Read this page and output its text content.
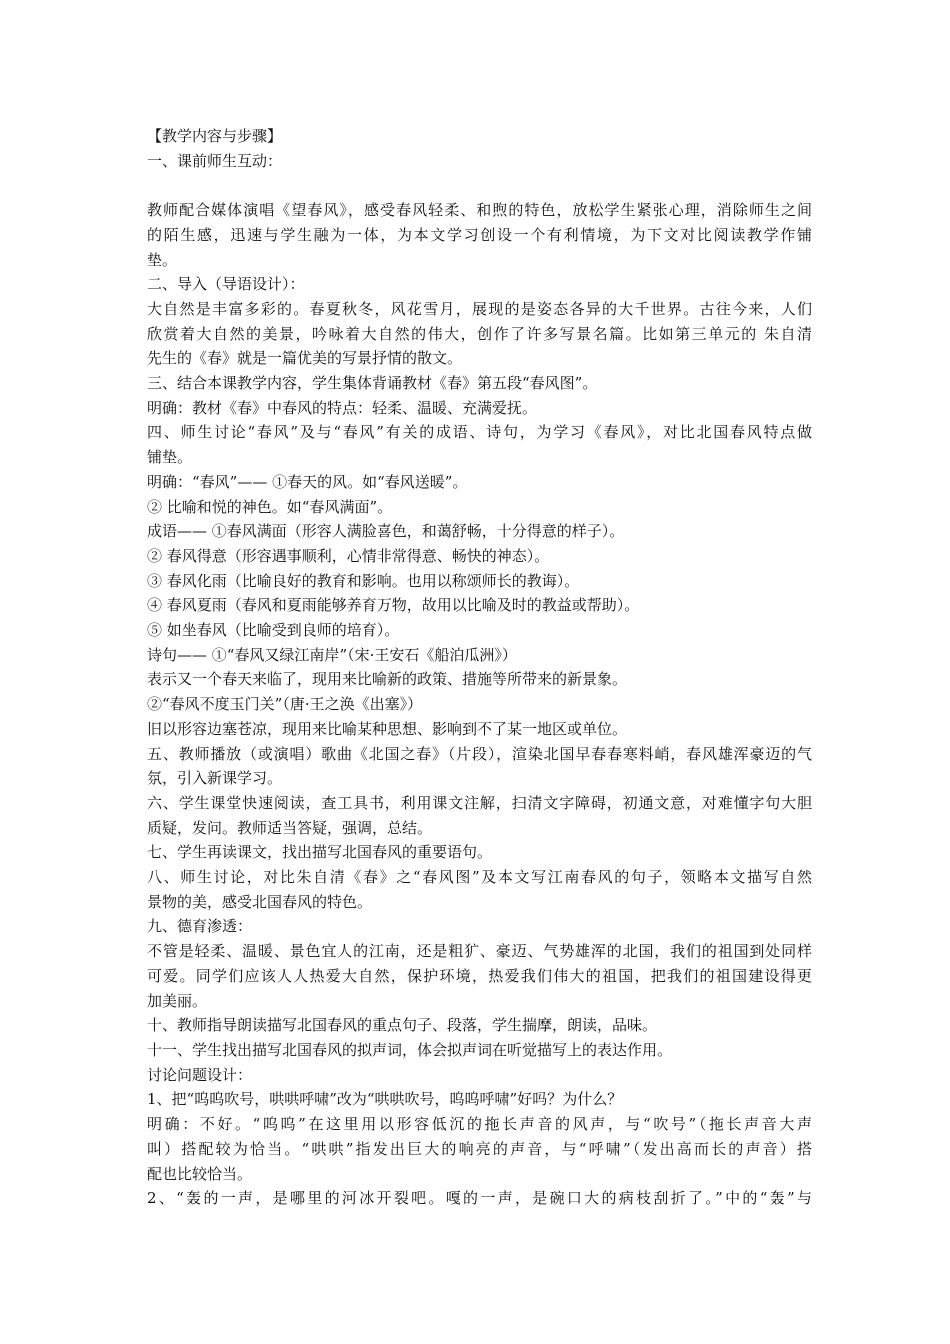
【教学内容与步骤】
一、课前师生互动：
教师配合媒体演唱《望春风》，感受春风轻柔、和煦的特色，放松学生紧张心理，消除师生之间
的陌生感，迅速与学生融为一体，为本文学习创设一个有利情境，为下文对比阅读教学作铺
垫。
二、导入（导语设计）：
大自然是丰富多彩的。春夏秋冬，风花雪月，展现的是姿态各异的大千世界。古往今来，人们
欣赏着大自然的美景，吟咏着大自然的伟大，创作了许多写景名篇。比如第三单元的 朱自清
先生的《春》就是一篇优美的写景抒情的散文。
三、结合本课教学内容，学生集体背诵教材《春》第五段“春风图”。
明确：教材《春》中春风的特点：轻柔、温暖、充满爱抚。
四、师生讨论“春风”及与“春风”有关的成语、诗句，为学习《春风》，对比北国春风特点做
铺垫。
明确：“春风”—— ①春天的风。如“春风送暖”。
② 比喻和悦的神色。如“春风满面”。
成语—— ①春风满面（形容人满脸喜色，和蔼舒畅，十分得意的样子）。
② 春风得意（形容遇事顺利，心情非常得意、畅快的神态）。
③ 春风化雨（比喻良好的教育和影响。也用以称颂师长的教诲）。
④ 春风夏雨（春风和夏雨能够养育万物，故用以比喻及时的教益或帮助）。
⑤ 如坐春风（比喻受到良师的培育）。
诗句—— ①“春风又绿江南岸”（宋·王安石《船泊瓜洲》）
表示又一个春天来临了，现用来比喻新的政策、措施等所带来的新景象。
②“春风不度玉门关”（唐·王之涣《出塞》）
旧以形容边塞苍凉，现用来比喻某种思想、影响到不了某一地区或单位。
五、教师播放（或演唱）歌曲《北国之春》（片段），渲染北国早春春寒料峭，春风雄浑豪迈的气
氛，引入新课学习。
六、学生课堂快速阅读，查工具书，利用课文注解，扫清文字障碍，初通文意，对难懂字句大胆
质疑，发问。教师适当答疑，强调，总结。
七、学生再读课文，找出描写北国春风的重要语句。
八、师生讨论，对比朱自清《春》之“春风图”及本文写江南春风的句子，领略本文描写自然
景物的美，感受北国春风的特色。
九、德育渗透：
不管是轻柔、温暖、景色宜人的江南，还是粗犷、豪迈、气势雄浑的北国，我们的祖国到处同样
可爱。同学们应该人人热爱大自然，保护环境，热爱我们伟大的祖国，把我们的祖国建设得更
加美丽。
十、教师指导朗读描写北国春风的重点句子、段落，学生揣摩，朗读，品味。
十一、学生找出描写北国春风的拟声词，体会拟声词在听觉描写上的表达作用。
讨论问题设计：
1、把“呜呜吹号，哄哄呼啸”改为“哄哄吹号，呜呜呼啸”好吗？为什么？
明确：不好。“呜呜”在这里用以形容低沉的拖长声音的风声，与“吹号”（拖长声音大声
叫）搭配较为恰当。“哄哄”指发出巨大的响亮的声音，与“呼啸”（发出高而长的声音）搭
配也比较恰当。
2、“轰的一声，是哪里的河冰开裂吧。嘎的一声，是碗口大的病枝刮折了。”中的“轰”与
